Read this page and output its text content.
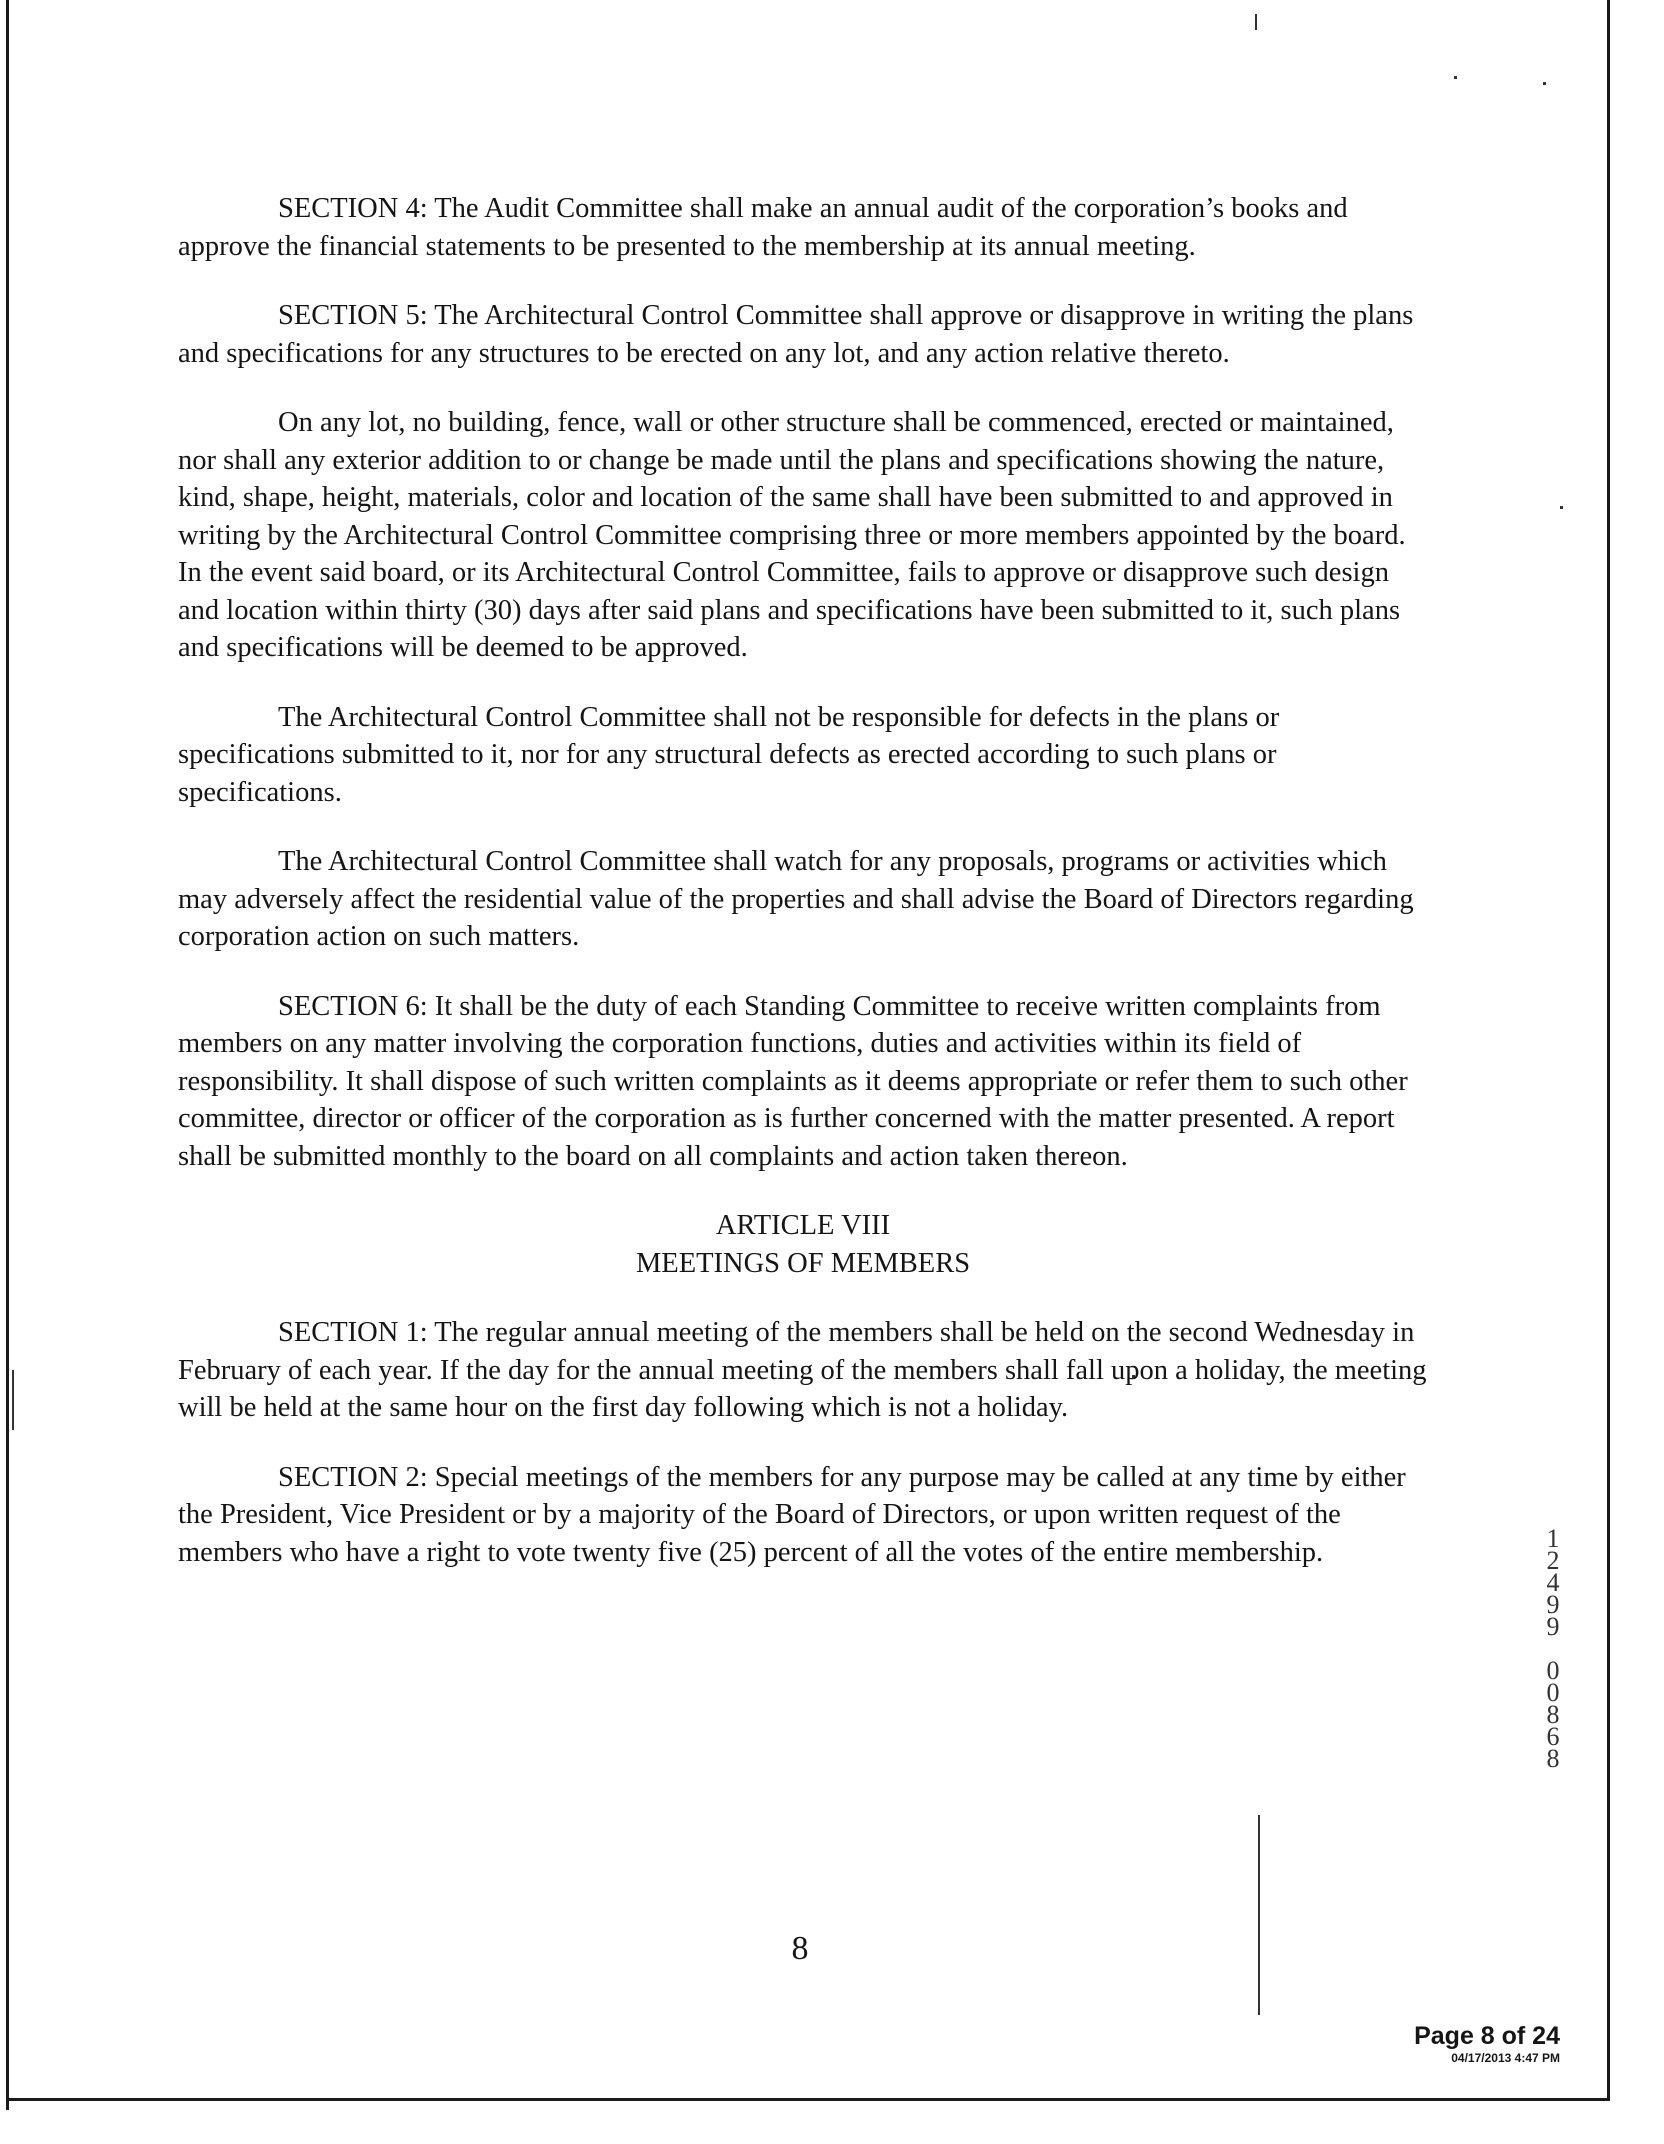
SECTION 4: The Audit Committee shall make an annual audit of the corporation’s books and approve the financial statements to be presented to the membership at its annual meeting.

SECTION 5: The Architectural Control Committee shall approve or disapprove in writing the plans and specifications for any structures to be erected on any lot, and any action relative thereto.

On any lot, no building, fence, wall or other structure shall be commenced, erected or maintained, nor shall any exterior addition to or change be made until the plans and specifications showing the nature, kind, shape, height, materials, color and location of the same shall have been submitted to and approved in writing by the Architectural Control Committee comprising three or more members appointed by the board. In the event said board, or its Architectural Control Committee, fails to approve or disapprove such design and location within thirty (30) days after said plans and specifications have been submitted to it, such plans and specifications will be deemed to be approved.

The Architectural Control Committee shall not be responsible for defects in the plans or specifications submitted to it, nor for any structural defects as erected according to such plans or specifications.

The Architectural Control Committee shall watch for any proposals, programs or activities which may adversely affect the residential value of the properties and shall advise the Board of Directors regarding corporation action on such matters.

SECTION 6: It shall be the duty of each Standing Committee to receive written complaints from members on any matter involving the corporation functions, duties and activities within its field of responsibility. It shall dispose of such written complaints as it deems appropriate or refer them to such other committee, director or officer of the corporation as is further concerned with the matter presented. A report shall be submitted monthly to the board on all complaints and action taken thereon.

ARTICLE VIII
MEETINGS OF MEMBERS

SECTION 1: The regular annual meeting of the members shall be held on the second Wednesday in February of each year. If the day for the annual meeting of the members shall fall upon a holiday, the meeting will be held at the same hour on the first day following which is not a holiday.

SECTION 2: Special meetings of the members for any purpose may be called at any time by either the President, Vice President or by a majority of the Board of Directors, or upon written request of the members who have a right to vote twenty five (25) percent of all the votes of the entire membership.

8
1
2
4
9
9
0
0
8
6
8
Page 8 of 24
04/17/2013 4:47 PM
